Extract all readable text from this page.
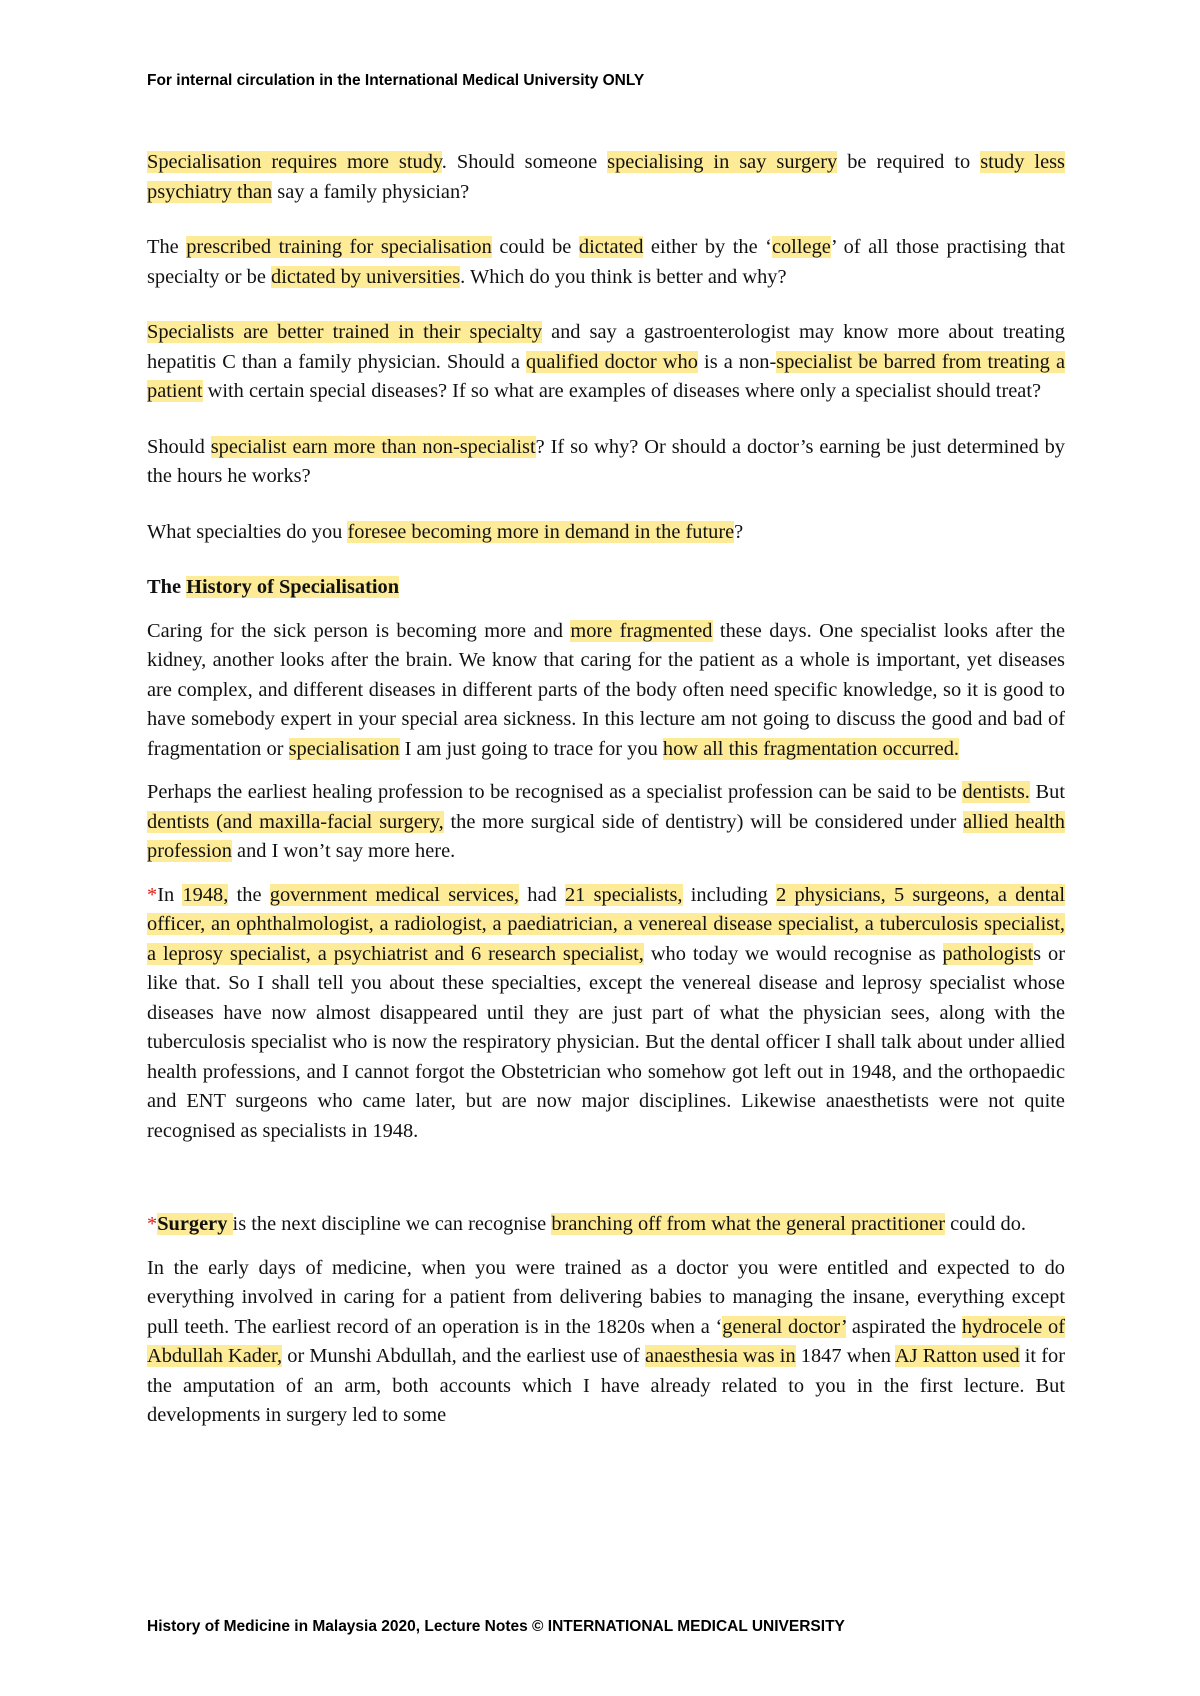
For internal circulation in the International Medical University ONLY

Specialisation requires more study. Should someone specialising in say surgery be required to study less psychiatry than say a family physician?

The prescribed training for specialisation could be dictated either by the ‘college’ of all those practising that specialty or be dictated by universities. Which do you think is better and why?

Specialists are better trained in their specialty and say a gastroenterologist may know more about treating hepatitis C than a family physician. Should a qualified doctor who is a non-specialist be barred from treating a patient with certain special diseases? If so what are examples of diseases where only a specialist should treat?

Should specialist earn more than non-specialist? If so why? Or should a doctor’s earning be just determined by the hours he works?

What specialties do you foresee becoming more in demand in the future?

The History of Specialisation

Caring for the sick person is becoming more and more fragmented these days. One specialist looks after the kidney, another looks after the brain. We know that caring for the patient as a whole is important, yet diseases are complex, and different diseases in different parts of the body often need specific knowledge, so it is good to have somebody expert in your special area sickness. In this lecture am not going to discuss the good and bad of fragmentation or specialisation I am just going to trace for you how all this fragmentation occurred.

Perhaps the earliest healing profession to be recognised as a specialist profession can be said to be dentists. But dentists (and maxilla-facial surgery, the more surgical side of dentistry) will be considered under allied health profession and I won’t say more here.

*In 1948, the government medical services, had 21 specialists, including 2 physicians, 5 surgeons, a dental officer, an ophthalmologist, a radiologist, a paediatrician, a venereal disease specialist, a tuberculosis specialist, a leprosy specialist, a psychiatrist and 6 research specialist, who today we would recognise as pathologists or like that. So I shall tell you about these specialties, except the venereal disease and leprosy specialist whose diseases have now almost disappeared until they are just part of what the physician sees, along with the tuberculosis specialist who is now the respiratory physician. But the dental officer I shall talk about under allied health professions, and I cannot forgot the Obstetrician who somehow got left out in 1948, and the orthopaedic and ENT surgeons who came later, but are now major disciplines. Likewise anaesthetists were not quite recognised as specialists in 1948.

*Surgery is the next discipline we can recognise branching off from what the general practitioner could do.

In the early days of medicine, when you were trained as a doctor you were entitled and expected to do everything involved in caring for a patient from delivering babies to managing the insane, everything except pull teeth. The earliest record of an operation is in the 1820s when a ‘general doctor’ aspirated the hydrocele of Abdullah Kader, or Munshi Abdullah, and the earliest use of anaesthesia was in 1847 when AJ Ratton used it for the amputation of an arm, both accounts which I have already related to you in the first lecture. But developments in surgery led to some

History of Medicine in Malaysia 2020, Lecture Notes © INTERNATIONAL MEDICAL UNIVERSITY
